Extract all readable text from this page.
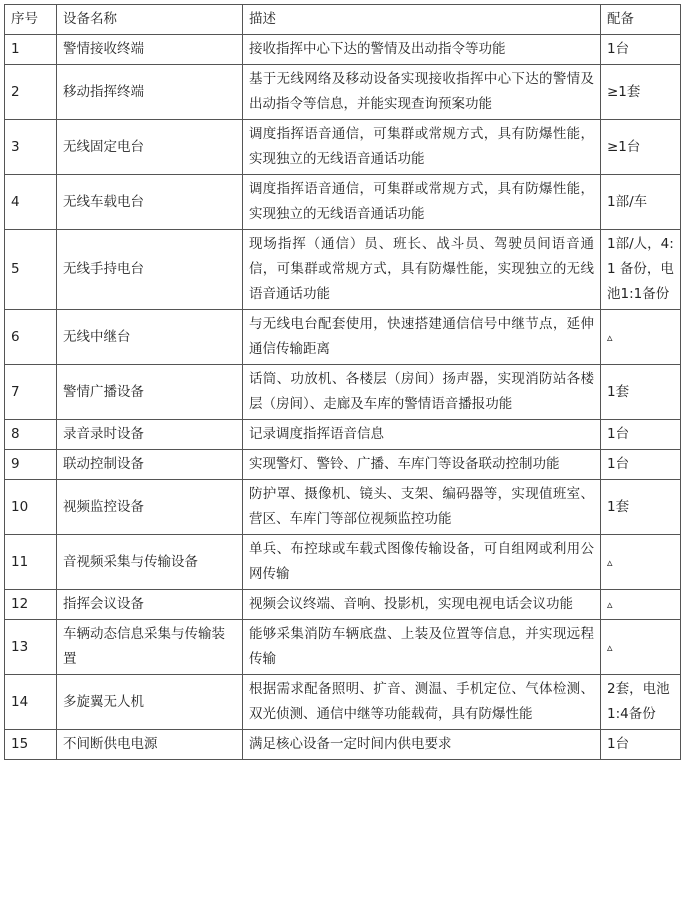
序号	设备名称	描述	配备
1	警情接收终端	接收指挥中心下达的警情及出动指令等功能	1台
2	移动指挥终端	基于无线网络及移动设备实现接收指挥中心下达的警情及出动指令等信息，并能实现查询预案功能	≥1套
3	无线固定电台	调度指挥语音通信，可集群或常规方式，具有防爆性能，实现独立的无线语音通话功能	≥1台
4	无线车载电台	调度指挥语音通信，可集群或常规方式，具有防爆性能，实现独立的无线语音通话功能	1部/车
5	无线手持电台	现场指挥（通信）员、班长、战斗员、驾驶员间语音通信，可集群或常规方式，具有防爆性能，实现独立的无线语音通话功能	1部/人，4:1 备份，电池1:1备份
6	无线中继台	与无线电台配套使用，快速搭建通信信号中继节点，延伸通信传输距离	▵
7	警情广播设备	话筒、功放机、各楼层（房间）扬声器，实现消防站各楼层（房间）、走廊及车库的警情语音播报功能	1套
8	录音录时设备	记录调度指挥语音信息	1台
9	联动控制设备	实现警灯、警铃、广播、车库门等设备联动控制功能	1台
10	视频监控设备	防护罩、摄像机、镜头、支架、编码器等，实现值班室、营区、车库门等部位视频监控功能	1套
11	音视频采集与传输设备	单兵、布控球或车载式图像传输设备，可自组网或利用公网传输	▵
12	指挥会议设备	视频会议终端、音响、投影机，实现电视电话会议功能	▵
13	车辆动态信息采集与传输装置	能够采集消防车辆底盘、上装及位置等信息，并实现远程传输	▵
14	多旋翼无人机	根据需求配备照明、扩音、测温、手机定位、气体检测、双光侦测、通信中继等功能载荷，具有防爆性能	2套，电池1:4备份
15	不间断供电电源	满足核心设备一定时间内供电要求	1台
